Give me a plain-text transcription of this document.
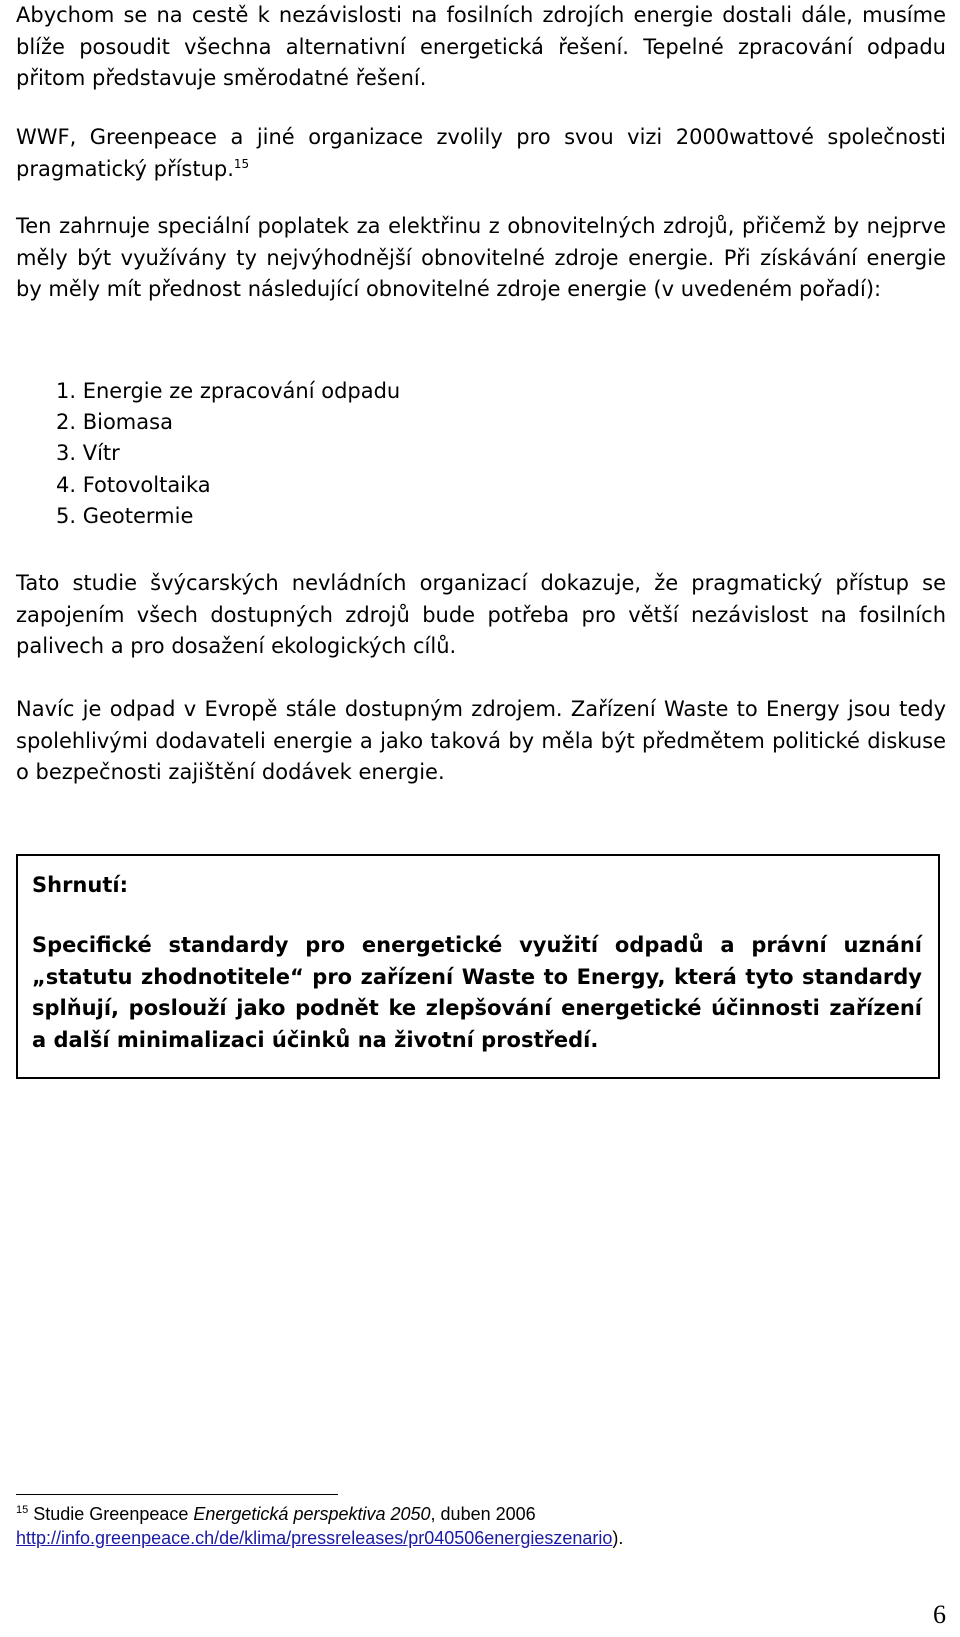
Abychom se na cestě k nezávislosti na fosilních zdrojích energie dostali dále, musíme blíže posoudit všechna alternativní energetická řešení. Tepelné zpracování odpadu přitom představuje směrodatné řešení.

WWF, Greenpeace a jiné organizace zvolily pro svou vizi 2000wattové společnosti pragmatický přístup.$^{15}$

Ten zahrnuje speciální poplatek za elektřinu z obnovitelných zdrojů, přičemž by nejprve měly být využívány ty nejvýhodnější obnovitelné zdroje energie. Při získávání energie by měly mít přednost následující obnovitelné zdroje energie (v uvedeném pořadí):

1. Energie ze zpracování odpadu
2. Biomasa
3. Vítr
4. Fotovoltaika
5. Geotermie

Tato studie švýcarských nevládních organizací dokazuje, že pragmatický přístup se zapojením všech dostupných zdrojů bude potřeba pro větší nezávislost na fosilních palivech a pro dosažení ekologických cílů.

Navíc je odpad v Evropě stále dostupným zdrojem. Zařízení Waste to Energy jsou tedy spolehlivými dodavateli energie a jako taková by měla být předmětem politické diskuse o bezpečnosti zajištění dodávek energie.

Shrnutí:

Specifické standardy pro energetické využití odpadů a právní uznání „statutu zhodnotitele“ pro zařízení Waste to Energy, která tyto standardy splňují, poslouží jako podnět ke zlepšování energetické účinnosti zařízení a další minimalizaci účinků na životní prostředí.

$^{15}$ Studie Greenpeace Energetická perspektiva 2050, duben 2006
http://info.greenpeace.ch/de/klima/pressreleases/pr040506energieszenario).

6
